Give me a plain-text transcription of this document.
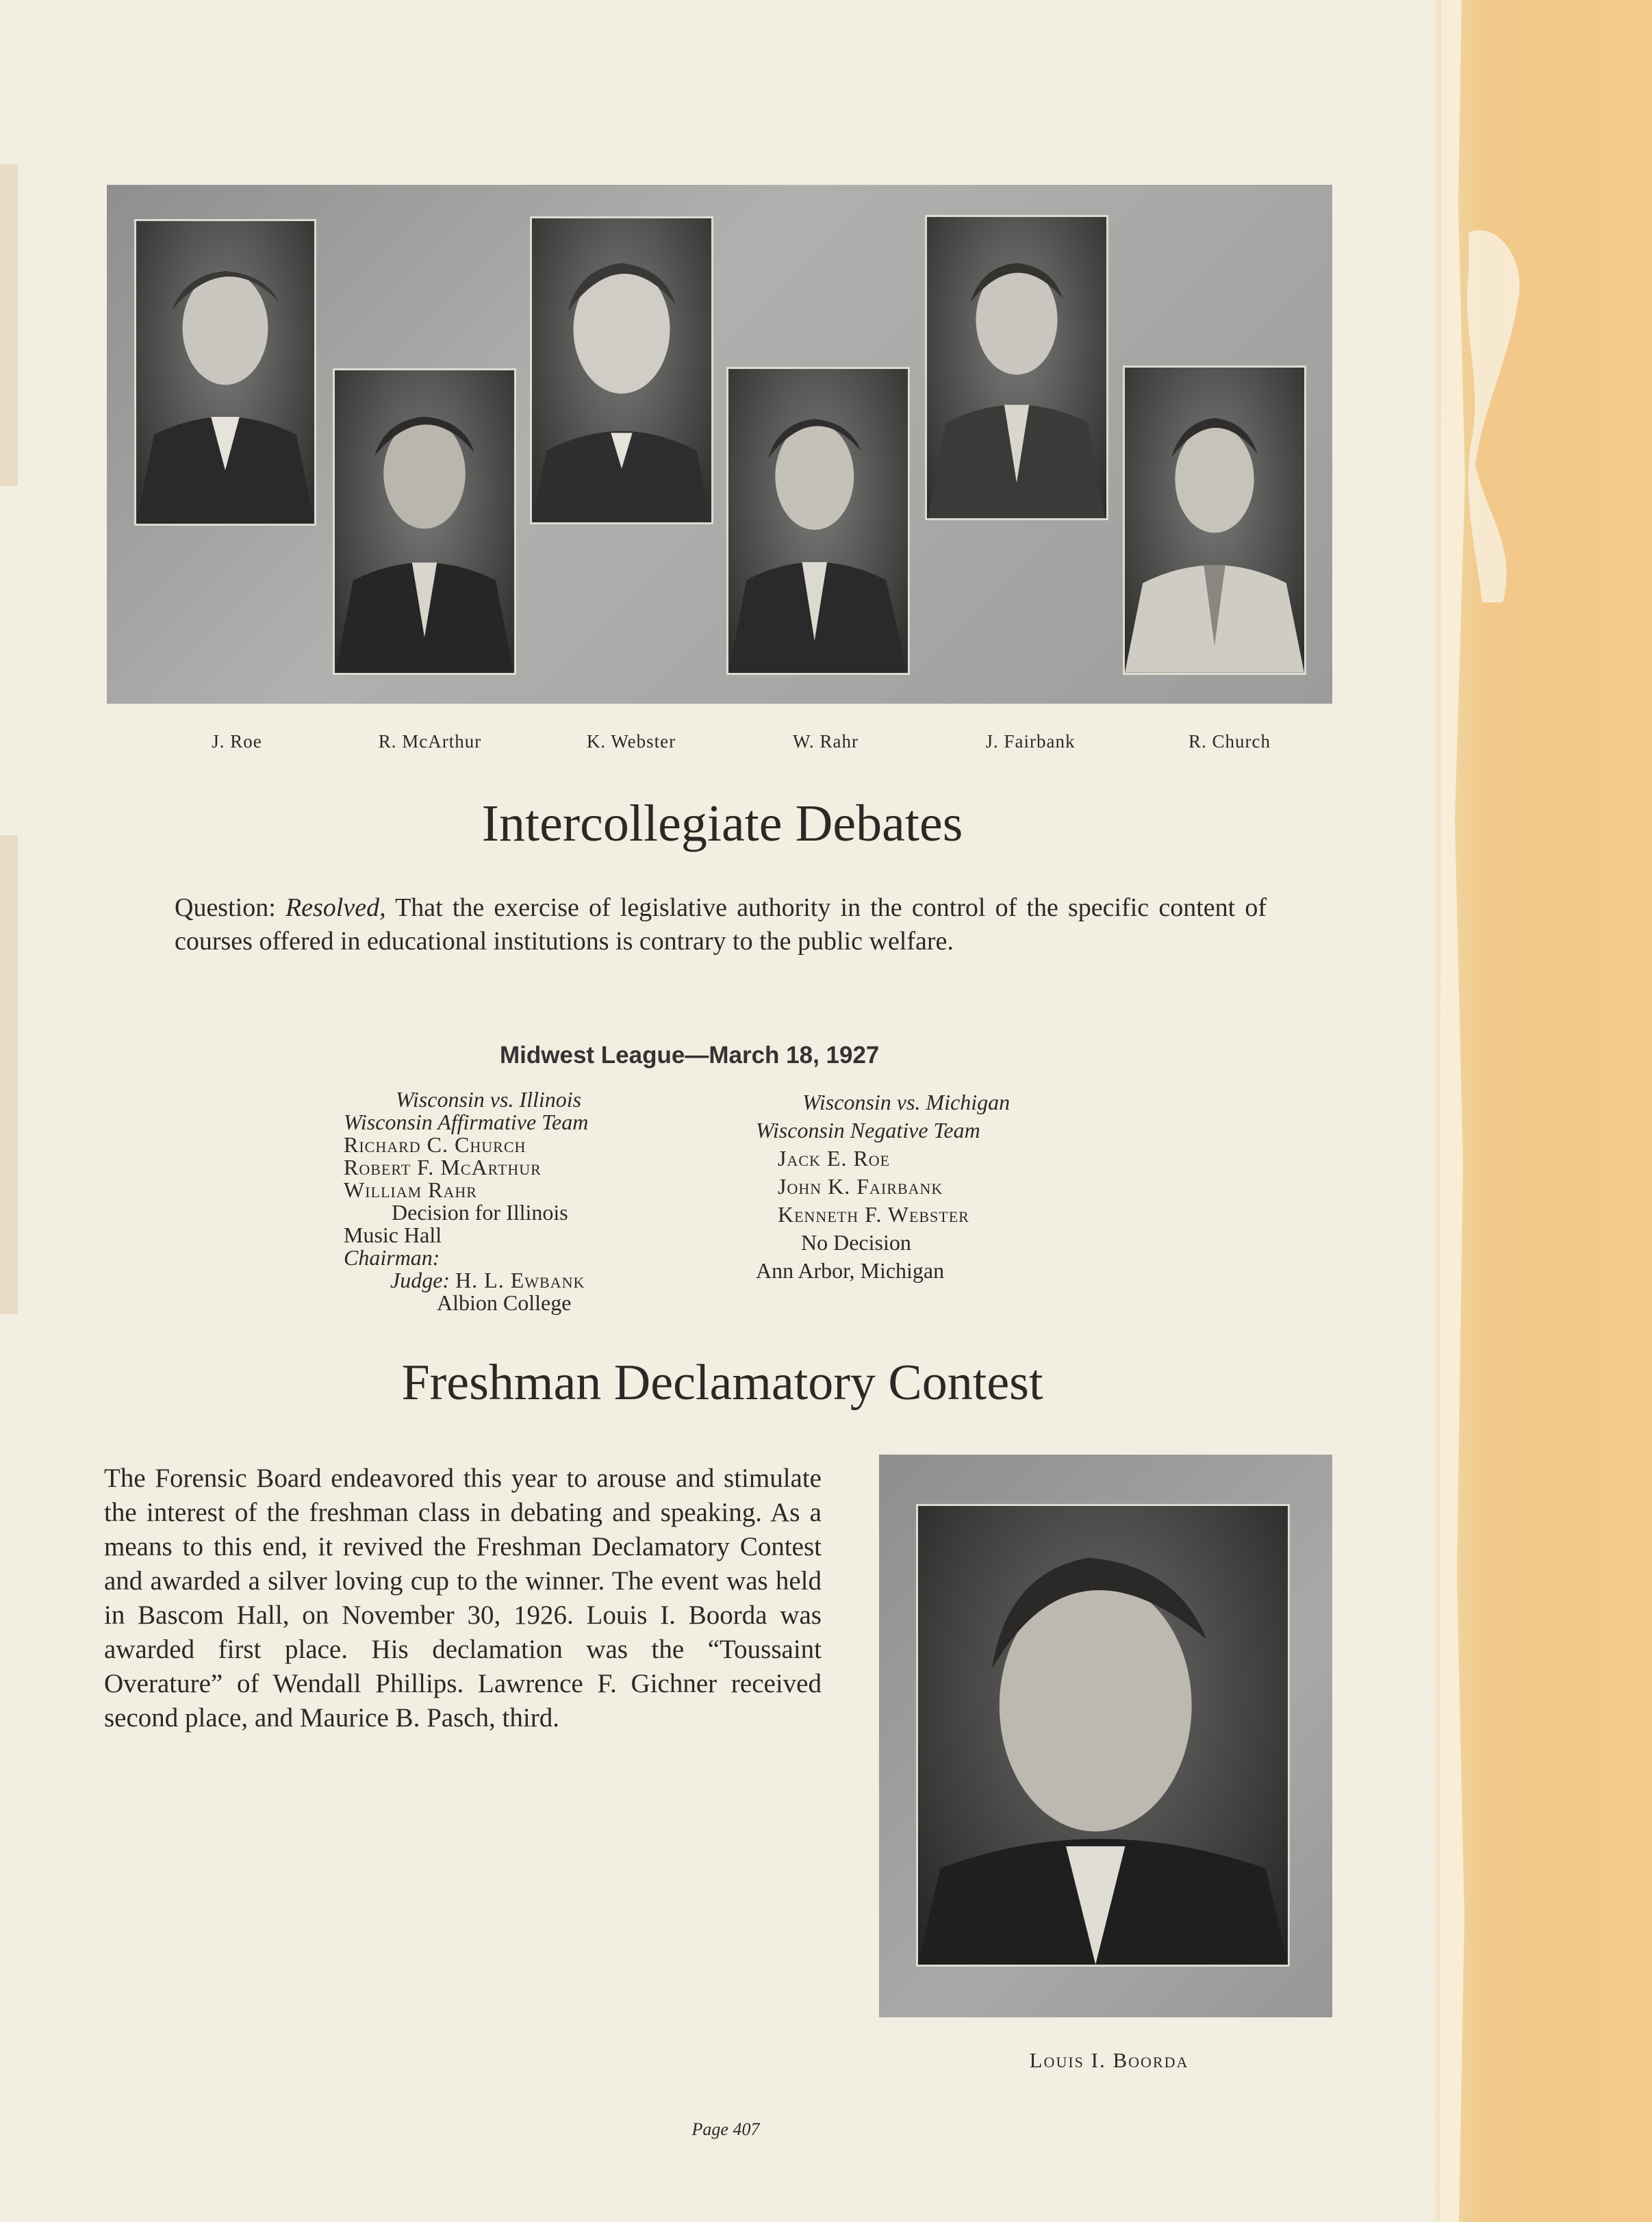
J. Roe	R. McArthur	K. Webster	W. Rahr	J. Fairbank	R. Church
Intercollegiate Debates
Question: Resolved, That the exercise of legislative authority in the control of the specific content of courses offered in educational institutions is contrary to the public welfare.
Midwest League—March 18, 1927
Wisconsin vs. Illinois
Wisconsin Affirmative Team
Richard C. Church
Robert F. McArthur
William Rahr
Decision for Illinois
Music Hall
Chairman:
Judge: H. L. Ewbank
Albion College
Wisconsin vs. Michigan
Wisconsin Negative Team
Jack E. Roe
John K. Fairbank
Kenneth F. Webster
No Decision
Ann Arbor, Michigan
Freshman Declamatory Contest
The Forensic Board endeavored this year to arouse and stimulate the interest of the freshman class in debating and speaking. As a means to this end, it revived the Freshman Declamatory Contest and awarded a silver loving cup to the winner. The event was held in Bascom Hall, on November 30, 1926. Louis I. Boorda was awarded first place. His declamation was the “Toussaint Overature” of Wendall Phillips. Lawrence F. Gichner received second place, and Maurice B. Pasch, third.
Louis I. Boorda
Page 407
